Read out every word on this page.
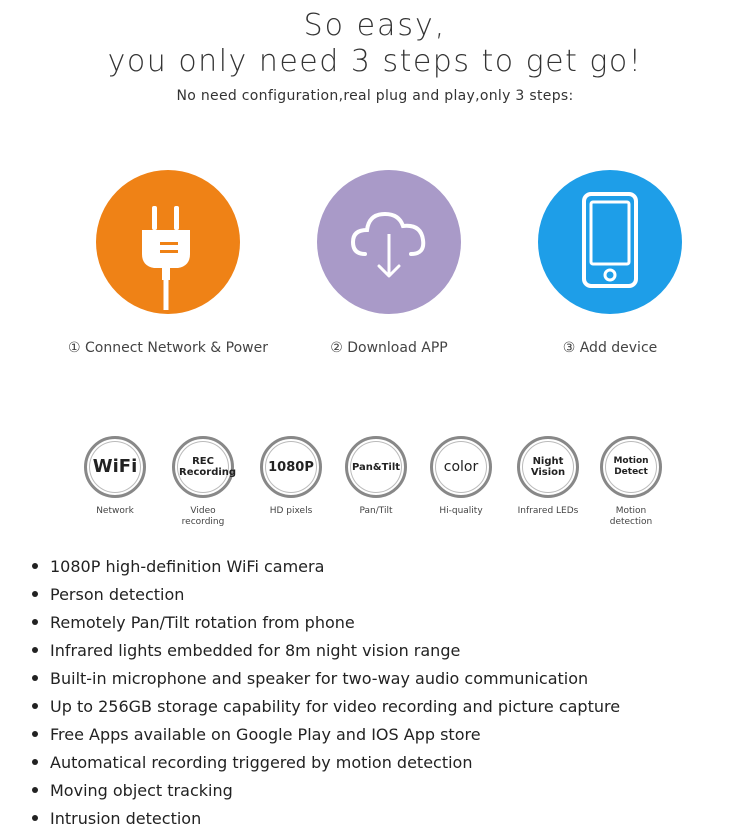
So easy,
you only need 3 steps to get go!
No need configuration,real plug and play,only 3 steps:
① Connect Network & Power	② Download APP	③ Add device
WiFi
Network
REC Recording
Video recording
1080P
HD pixels
Pan&Tilt
Pan/Tilt
color
Hi-quality
Night Vision
Infrared LEDs
Motion Detect
Motion detection
1080P high-definition WiFi camera
Person detection
Remotely Pan/Tilt rotation from phone
Infrared lights embedded for 8m night vision range
Built-in microphone and speaker for two-way audio communication
Up to 256GB storage capability for video recording and picture capture
Free Apps available on Google Play and IOS App store
Automatical recording triggered by motion detection
Moving object tracking
Intrusion detection
